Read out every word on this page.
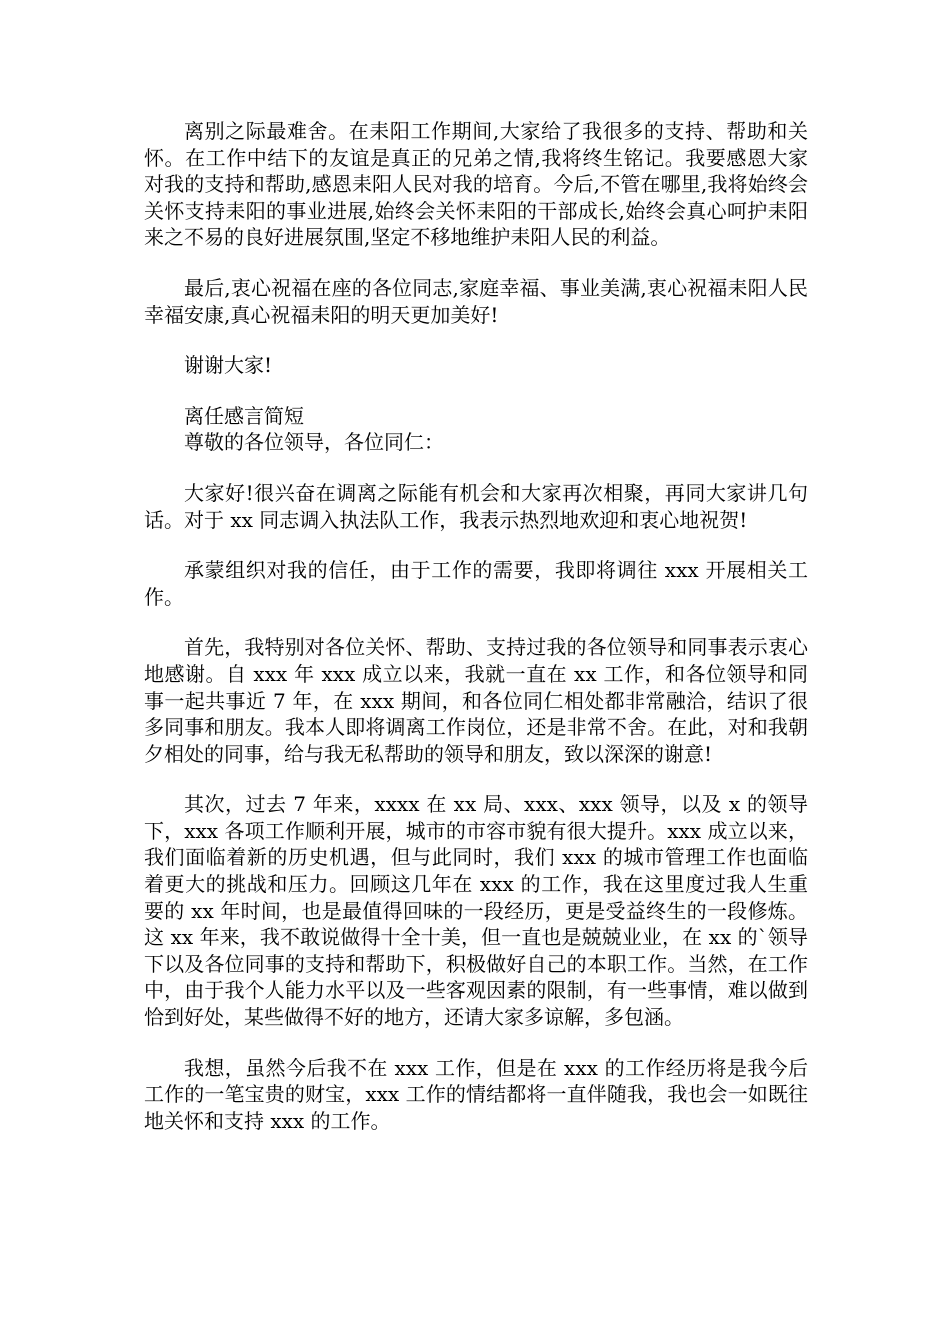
离别之际最难舍。在耒阳工作期间,大家给了我很多的支持、帮助和关怀。在工作中结下的友谊是真正的兄弟之情,我将终生铭记。我要感恩大家对我的支持和帮助,感恩耒阳人民对我的培育。今后,不管在哪里,我将始终会关怀支持耒阳的事业进展,始终会关怀耒阳的干部成长,始终会真心呵护耒阳来之不易的良好进展氛围,坚定不移地维护耒阳人民的利益。

最后,衷心祝福在座的各位同志,家庭幸福、事业美满,衷心祝福耒阳人民幸福安康,真心祝福耒阳的明天更加美好!

谢谢大家!

离任感言简短

尊敬的各位领导，各位同仁：

大家好!很兴奋在调离之际能有机会和大家再次相聚，再同大家讲几句话。对于 xx 同志调入执法队工作，我表示热烈地欢迎和衷心地祝贺!

承蒙组织对我的信任，由于工作的需要，我即将调往 xxx 开展相关工作。

首先，我特别对各位关怀、帮助、支持过我的各位领导和同事表示衷心地感谢。自 xxx 年 xxx 成立以来，我就一直在 xx 工作，和各位领导和同事一起共事近 7 年，在 xxx 期间，和各位同仁相处都非常融洽，结识了很多同事和朋友。我本人即将调离工作岗位，还是非常不舍。在此，对和我朝夕相处的同事，给与我无私帮助的领导和朋友，致以深深的谢意!

其次，过去 7 年来，xxxx 在 xx 局、xxx、xxx 领导，以及 x 的领导下，xxx 各项工作顺利开展，城市的市容市貌有很大提升。xxx 成立以来，我们面临着新的历史机遇，但与此同时，我们 xxx 的城市管理工作也面临着更大的挑战和压力。回顾这几年在 xxx 的工作，我在这里度过我人生重要的 xx 年时间，也是最值得回味的一段经历，更是受益终生的一段修炼。这 xx 年来，我不敢说做得十全十美，但一直也是兢兢业业，在 xx 的`领导下以及各位同事的支持和帮助下，积极做好自己的本职工作。当然，在工作中，由于我个人能力水平以及一些客观因素的限制，有一些事情，难以做到恰到好处，某些做得不好的地方，还请大家多谅解，多包涵。

我想，虽然今后我不在 xxx 工作，但是在 xxx 的工作经历将是我今后工作的一笔宝贵的财宝，xxx 工作的情结都将一直伴随我，我也会一如既往地关怀和支持 xxx 的工作。
